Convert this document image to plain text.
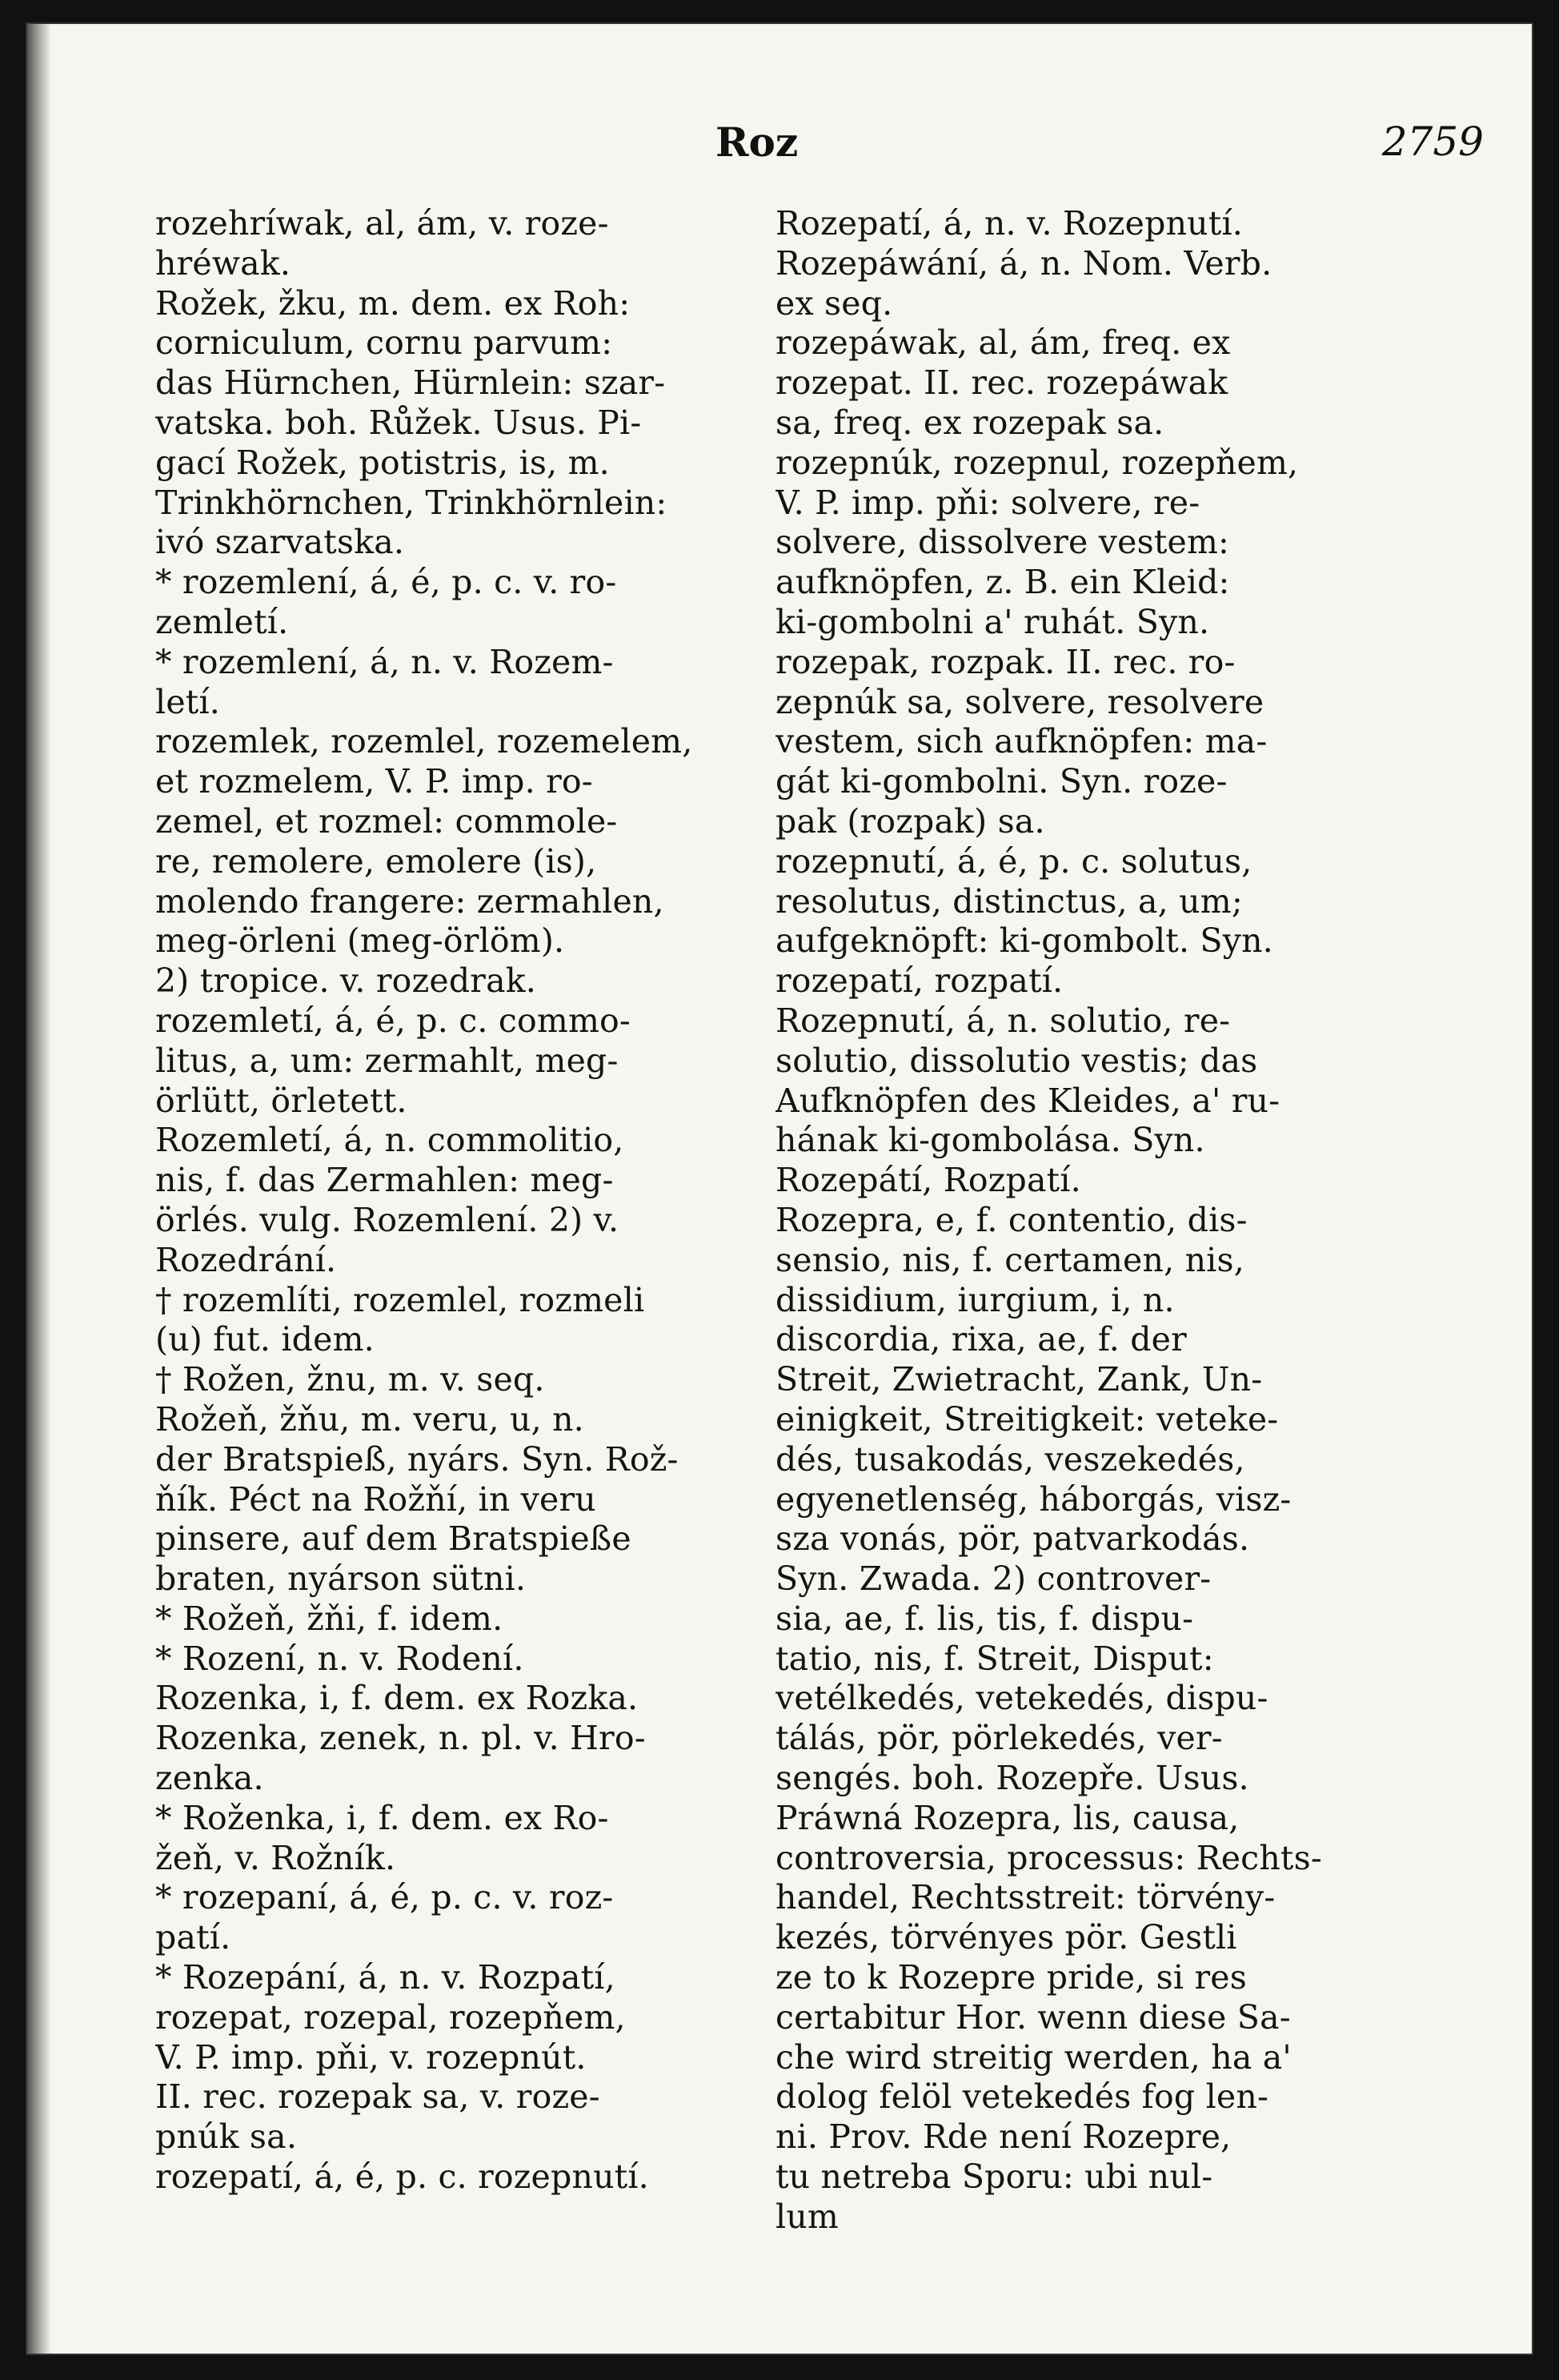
Roz	2759
rozehríwak, al, ám, v. roze-
hréwak.
Rožek, žku, m. dem. ex Roh:
corniculum, cornu parvum:
das Hürnchen, Hürnlein: szar-
vatska. boh. Růžek. Usus. Pi-
gací Rožek, potistris, is, m.
Trinkhörnchen, Trinkhörnlein:
ivó szarvatska.
* rozemlení, á, é, p. c. v. ro-
zemletí.
* rozemlení, á, n. v. Rozem-
letí.
rozemlek, rozemlel, rozemelem,
et rozmelem, V. P. imp. ro-
zemel, et rozmel: commole-
re, remolere, emolere (is),
molendo frangere: zermahlen,
meg-örleni (meg-örlöm).
2) tropice. v. rozedrak.
rozemletí, á, é, p. c. commo-
litus, a, um: zermahlt, meg-
örlütt, örletett.
Rozemletí, á, n. commolitio,
nis, f. das Zermahlen: meg-
örlés. vulg. Rozemlení. 2) v.
Rozedrání.
† rozemlíti, rozemlel, rozmeli
(u) fut. idem.
† Rožen, žnu, m. v. seq.
Rožeň, žňu, m. veru, u, n.
der Bratspieß, nyárs. Syn. Rož-
ňík. Péct na Rožňí, in veru
pinsere, auf dem Bratspieße
braten, nyárson sütni.
* Rožeň, žňi, f. idem.
* Rození, n. v. Rodení.
Rozenka, i, f. dem. ex Rozka.
Rozenka, zenek, n. pl. v. Hro-
zenka.
* Roženka, i, f. dem. ex Ro-
žeň, v. Rožník.
* rozepaní, á, é, p. c. v. roz-
patí.
* Rozepání, á, n. v. Rozpatí,
rozepat, rozepal, rozepňem,
V. P. imp. pňi, v. rozepnút.
II. rec. rozepak sa, v. roze-
pnúk sa.
rozepatí, á, é, p. c. rozepnutí.
Rozepatí, á, n. v. Rozepnutí.
Rozepáwání, á, n. Nom. Verb.
ex seq.
rozepáwak, al, ám, freq. ex
rozepat. II. rec. rozepáwak
sa, freq. ex rozepak sa.
rozepnúk, rozepnul, rozepňem,
V. P. imp. pňi: solvere, re-
solvere, dissolvere vestem:
aufknöpfen, z. B. ein Kleid:
ki-gombolni a' ruhát. Syn.
rozepak, rozpak. II. rec. ro-
zepnúk sa, solvere, resolvere
vestem, sich aufknöpfen: ma-
gát ki-gombolni. Syn. roze-
pak (rozpak) sa.
rozepnutí, á, é, p. c. solutus,
resolutus, distinctus, a, um;
aufgeknöpft: ki-gombolt. Syn.
rozepatí, rozpatí.
Rozepnutí, á, n. solutio, re-
solutio, dissolutio vestis; das
Aufknöpfen des Kleides, a' ru-
hának ki-gombolása. Syn.
Rozepátí, Rozpatí.
Rozepra, e, f. contentio, dis-
sensio, nis, f. certamen, nis,
dissidium, iurgium, i, n.
discordia, rixa, ae, f. der
Streit, Zwietracht, Zank, Un-
einigkeit, Streitigkeit: veteke-
dés, tusakodás, veszekedés,
egyenetlenség, háborgás, visz-
sza vonás, pör, patvarkodás.
Syn. Zwada. 2) controver-
sia, ae, f. lis, tis, f. dispu-
tatio, nis, f. Streit, Disput:
vetélkedés, vetekedés, dispu-
tálás, pör, pörlekedés, ver-
sengés. boh. Rozepře. Usus.
Práwná Rozepra, lis, causa,
controversia, processus: Rechts-
handel, Rechtsstreit: törvény-
kezés, törvényes pör. Gestli
ze to k Rozepre pride, si res
certabitur Hor. wenn diese Sa-
che wird streitig werden, ha a'
dolog felöl vetekedés fog len-
ni. Prov. Rde není Rozepre,
tu netreba Sporu: ubi nul-
lum
